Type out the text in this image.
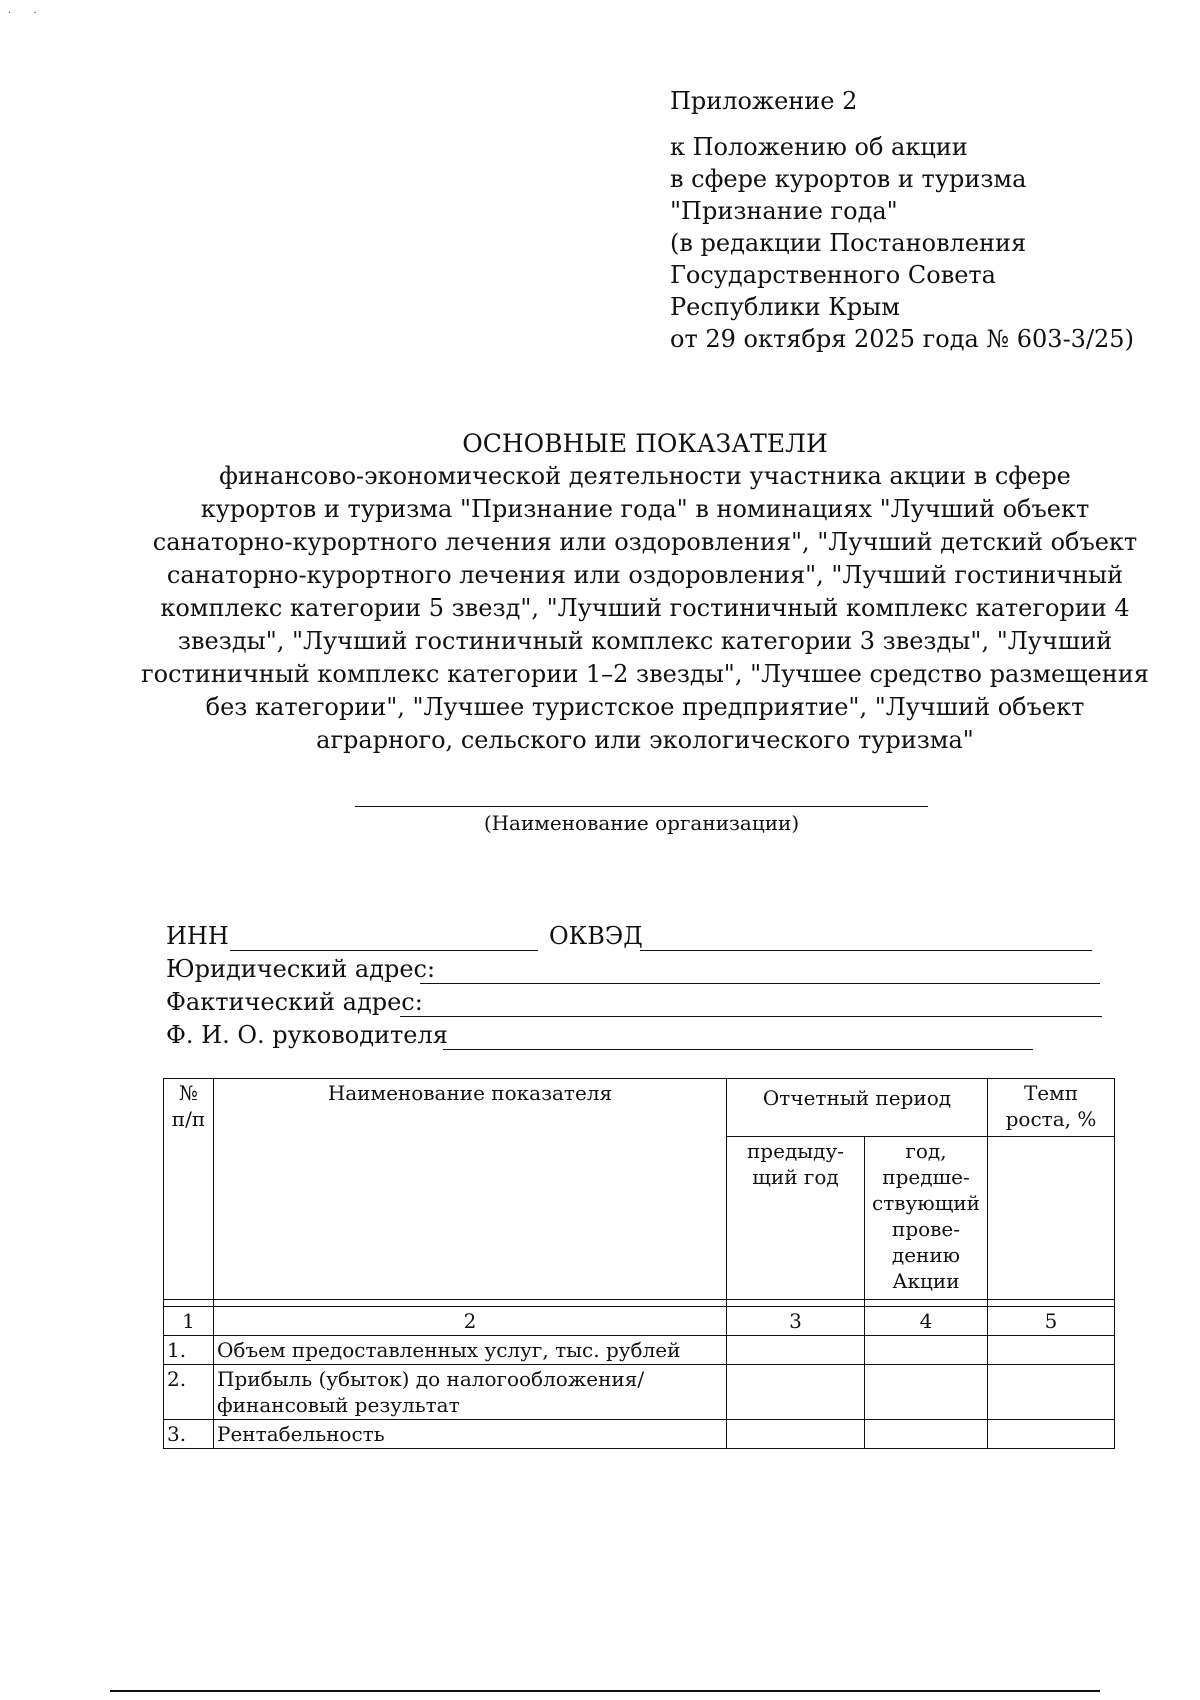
·       ·
Приложение 2
к Положению об акции
в сфере курортов и туризма
"Признание года"
(в редакции Постановления
Государственного Совета
Республики Крым
от 29 октября 2025 года № 603-3/25)
ОСНОВНЫЕ ПОКАЗАТЕЛИ
финансово-экономической деятельности участника акции в сфере
курортов и туризма "Признание года" в номинациях "Лучший объект
санаторно-курортного лечения или оздоровления", "Лучший детский объект
санаторно-курортного лечения или оздоровления", "Лучший гостиничный
комплекс категории 5 звезд", "Лучший гостиничный комплекс категории 4
звезды", "Лучший гостиничный комплекс категории 3 звезды", "Лучший
гостиничный комплекс категории 1–2 звезды", "Лучшее средство размещения
без категории", "Лучшее туристское предприятие", "Лучший объект
аграрного, сельского или экологического туризма"
(Наименование организации)
ИНН	ОКВЭД
Юридический адрес:
Фактический адрес:
Ф. И. О. руководителя
№ п/п	Наименование показателя	Отчетный период		Темп роста, %
		предыду-щий год	год, предше-ствующий прове-дению Акции	

1	2	3	4	5
1.	Объем предоставленных услуг, тыс. рублей			
2.	Прибыль (убыток) до налогообложения/ финансовый результат			
3.	Рентабельность			
